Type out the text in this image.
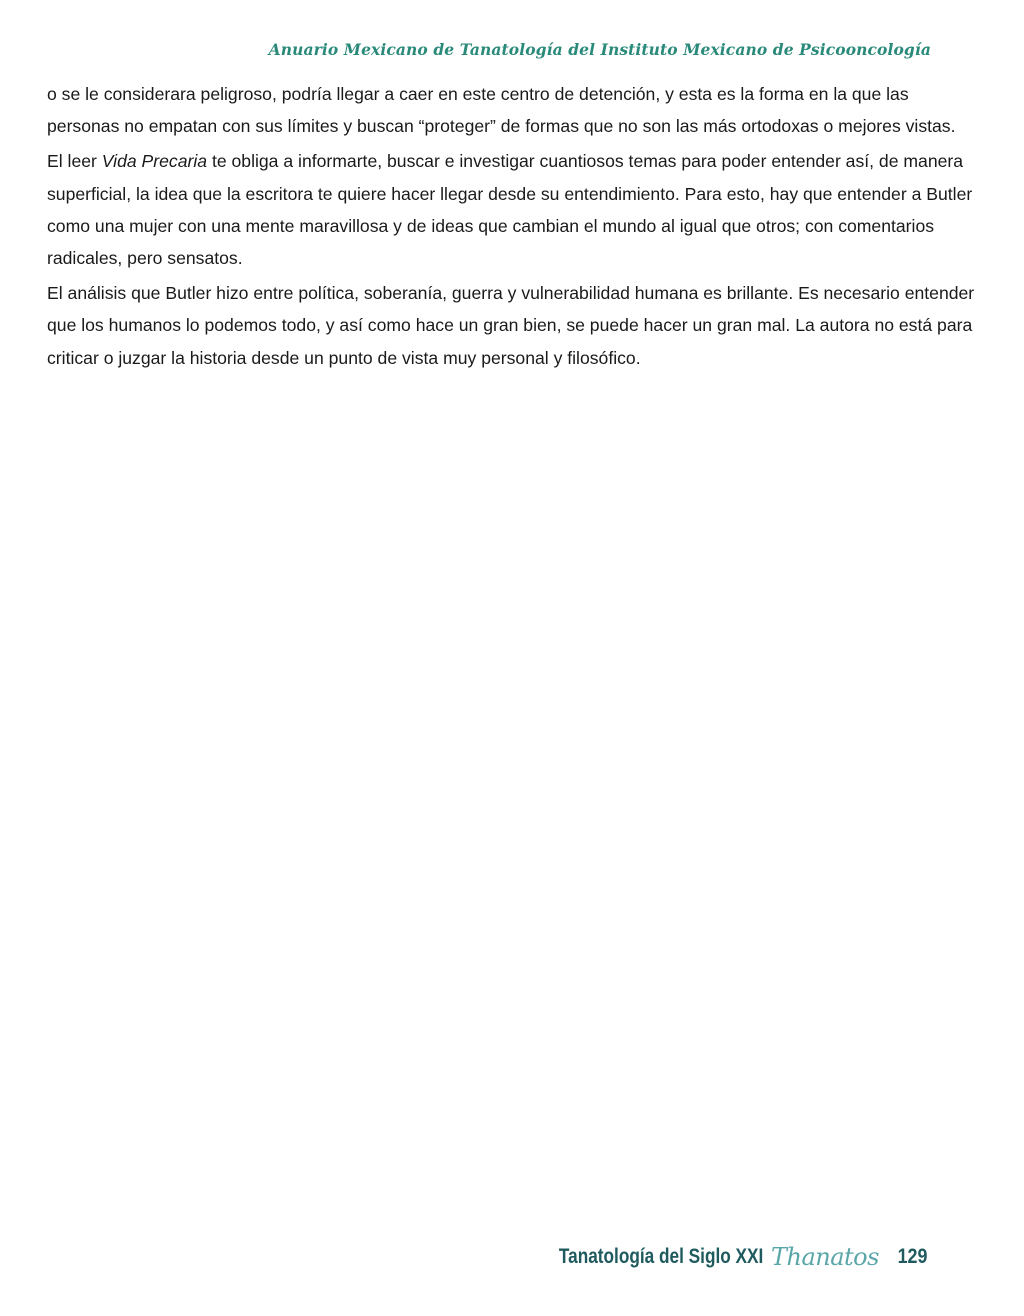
Anuario Mexicano de Tanatología del Instituto Mexicano de Psicooncología

o se le considerara peligroso, podría llegar a caer en este centro de detención, y esta es la forma en la que las personas no empatan con sus límites y buscan “proteger” de formas que no son las más ortodoxas o mejores vistas.

El leer Vida Precaria te obliga a informarte, buscar e investigar cuantiosos temas para poder entender así, de manera superficial, la idea que la escritora te quiere hacer llegar desde su entendimiento. Para esto, hay que entender a Butler como una mujer con una mente maravillosa y de ideas que cambian el mundo al igual que otros; con comentarios radicales, pero sensatos.

El análisis que Butler hizo entre política, soberanía, guerra y vulnerabilidad humana es brillante. Es necesario entender que los humanos lo podemos todo, y así como hace un gran bien, se puede hacer un gran mal. La autora no está para criticar o juzgar la historia desde un punto de vista muy personal y filosófico.

Tanatología del Siglo XXI Thanatos 129
